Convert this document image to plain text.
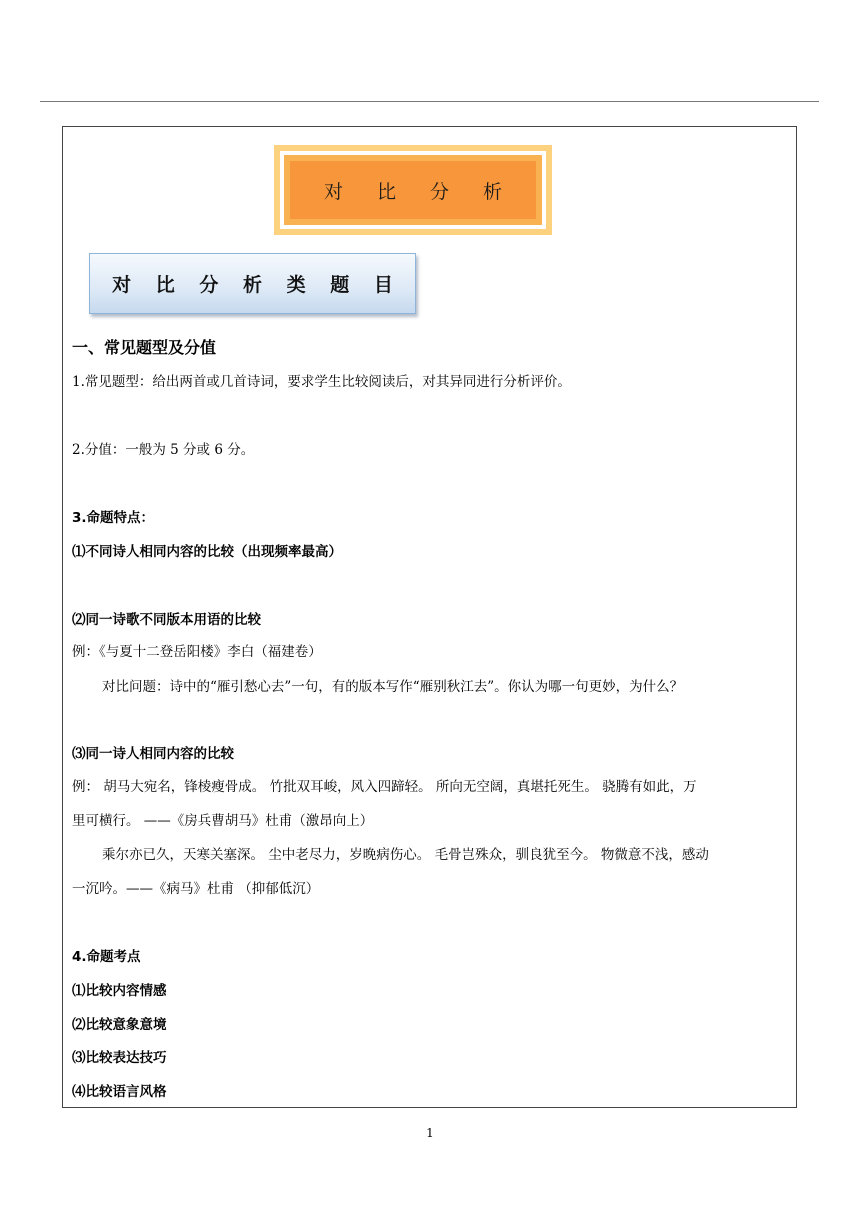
对 比 分 析
对 比 分 析 类 题 目
一、常见题型及分值
1.常见题型：给出两首或几首诗词，要求学生比较阅读后，对其异同进行分析评价。
2.分值：一般为 5 分或 6 分。
3.命题特点：
⑴不同诗人相同内容的比较（出现频率最高）
⑵同一诗歌不同版本用语的比较
例：《与夏十二登岳阳楼》李白（福建卷）
对比问题：诗中的“雁引愁心去”一句，有的版本写作“雁别秋江去”。你认为哪一句更妙，为什么？
⑶同一诗人相同内容的比较
例： 胡马大宛名，锋棱瘦骨成。 竹批双耳峻，风入四蹄轻。 所向无空阔，真堪托死生。 骁腾有如此，万
里可横行。 ——《房兵曹胡马》杜甫（激昂向上）
乘尔亦已久，天寒关塞深。 尘中老尽力，岁晚病伤心。 毛骨岂殊众，驯良犹至今。 物微意不浅，感动
一沉吟。——《病马》杜甫 （抑郁低沉）
4.命题考点
⑴比较内容情感
⑵比较意象意境
⑶比较表达技巧
⑷比较语言风格
1
